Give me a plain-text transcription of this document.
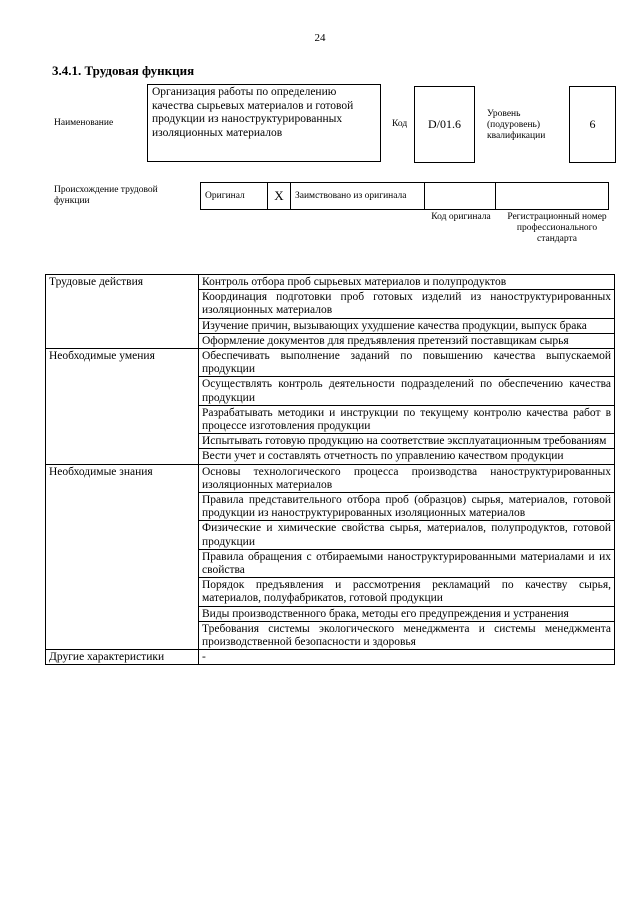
24
3.4.1. Трудовая функция
Наименование
Организация работы по определению качества сырьевых материалов и готовой продукции из наноструктурированных изоляционных материалов
Код	D/01.6
Уровень (подуровень) квалификации
6
Происхождение трудовой функции
Оригинал	X	Заимствовано из оригинала		
Код оригинала	Регистрационный номер профессионального стандарта
Трудовые действия	Контроль отбора проб сырьевых материалов и полупродуктов
	Координация подготовки проб готовых изделий из наноструктурированных изоляционных материалов
	Изучение причин, вызывающих ухудшение качества продукции, выпуск брака
	Оформление документов для предъявления претензий поставщикам сырья
Необходимые умения	Обеспечивать выполнение заданий по повышению качества выпускаемой продукции
	Осуществлять контроль деятельности подразделений по обеспечению качества продукции
	Разрабатывать методики и инструкции по текущему контролю качества работ в процессе изготовления продукции
	Испытывать готовую продукцию на соответствие эксплуатационным требованиям
	Вести учет и составлять отчетность по управлению качеством продукции
Необходимые знания	Основы технологического процесса производства наноструктурированных изоляционных материалов
	Правила представительного отбора проб (образцов) сырья, материалов, готовой продукции из наноструктурированных изоляционных материалов
	Физические и химические свойства сырья, материалов, полупродуктов, готовой продукции
	Правила обращения с отбираемыми наноструктурированными материалами и их свойства
	Порядок предъявления и рассмотрения рекламаций по качеству сырья, материалов, полуфабрикатов, готовой продукции
	Виды производственного брака, методы его предупреждения и устранения
	Требования системы экологического менеджмента и системы менеджмента производственной безопасности и здоровья
Другие характеристики	-
